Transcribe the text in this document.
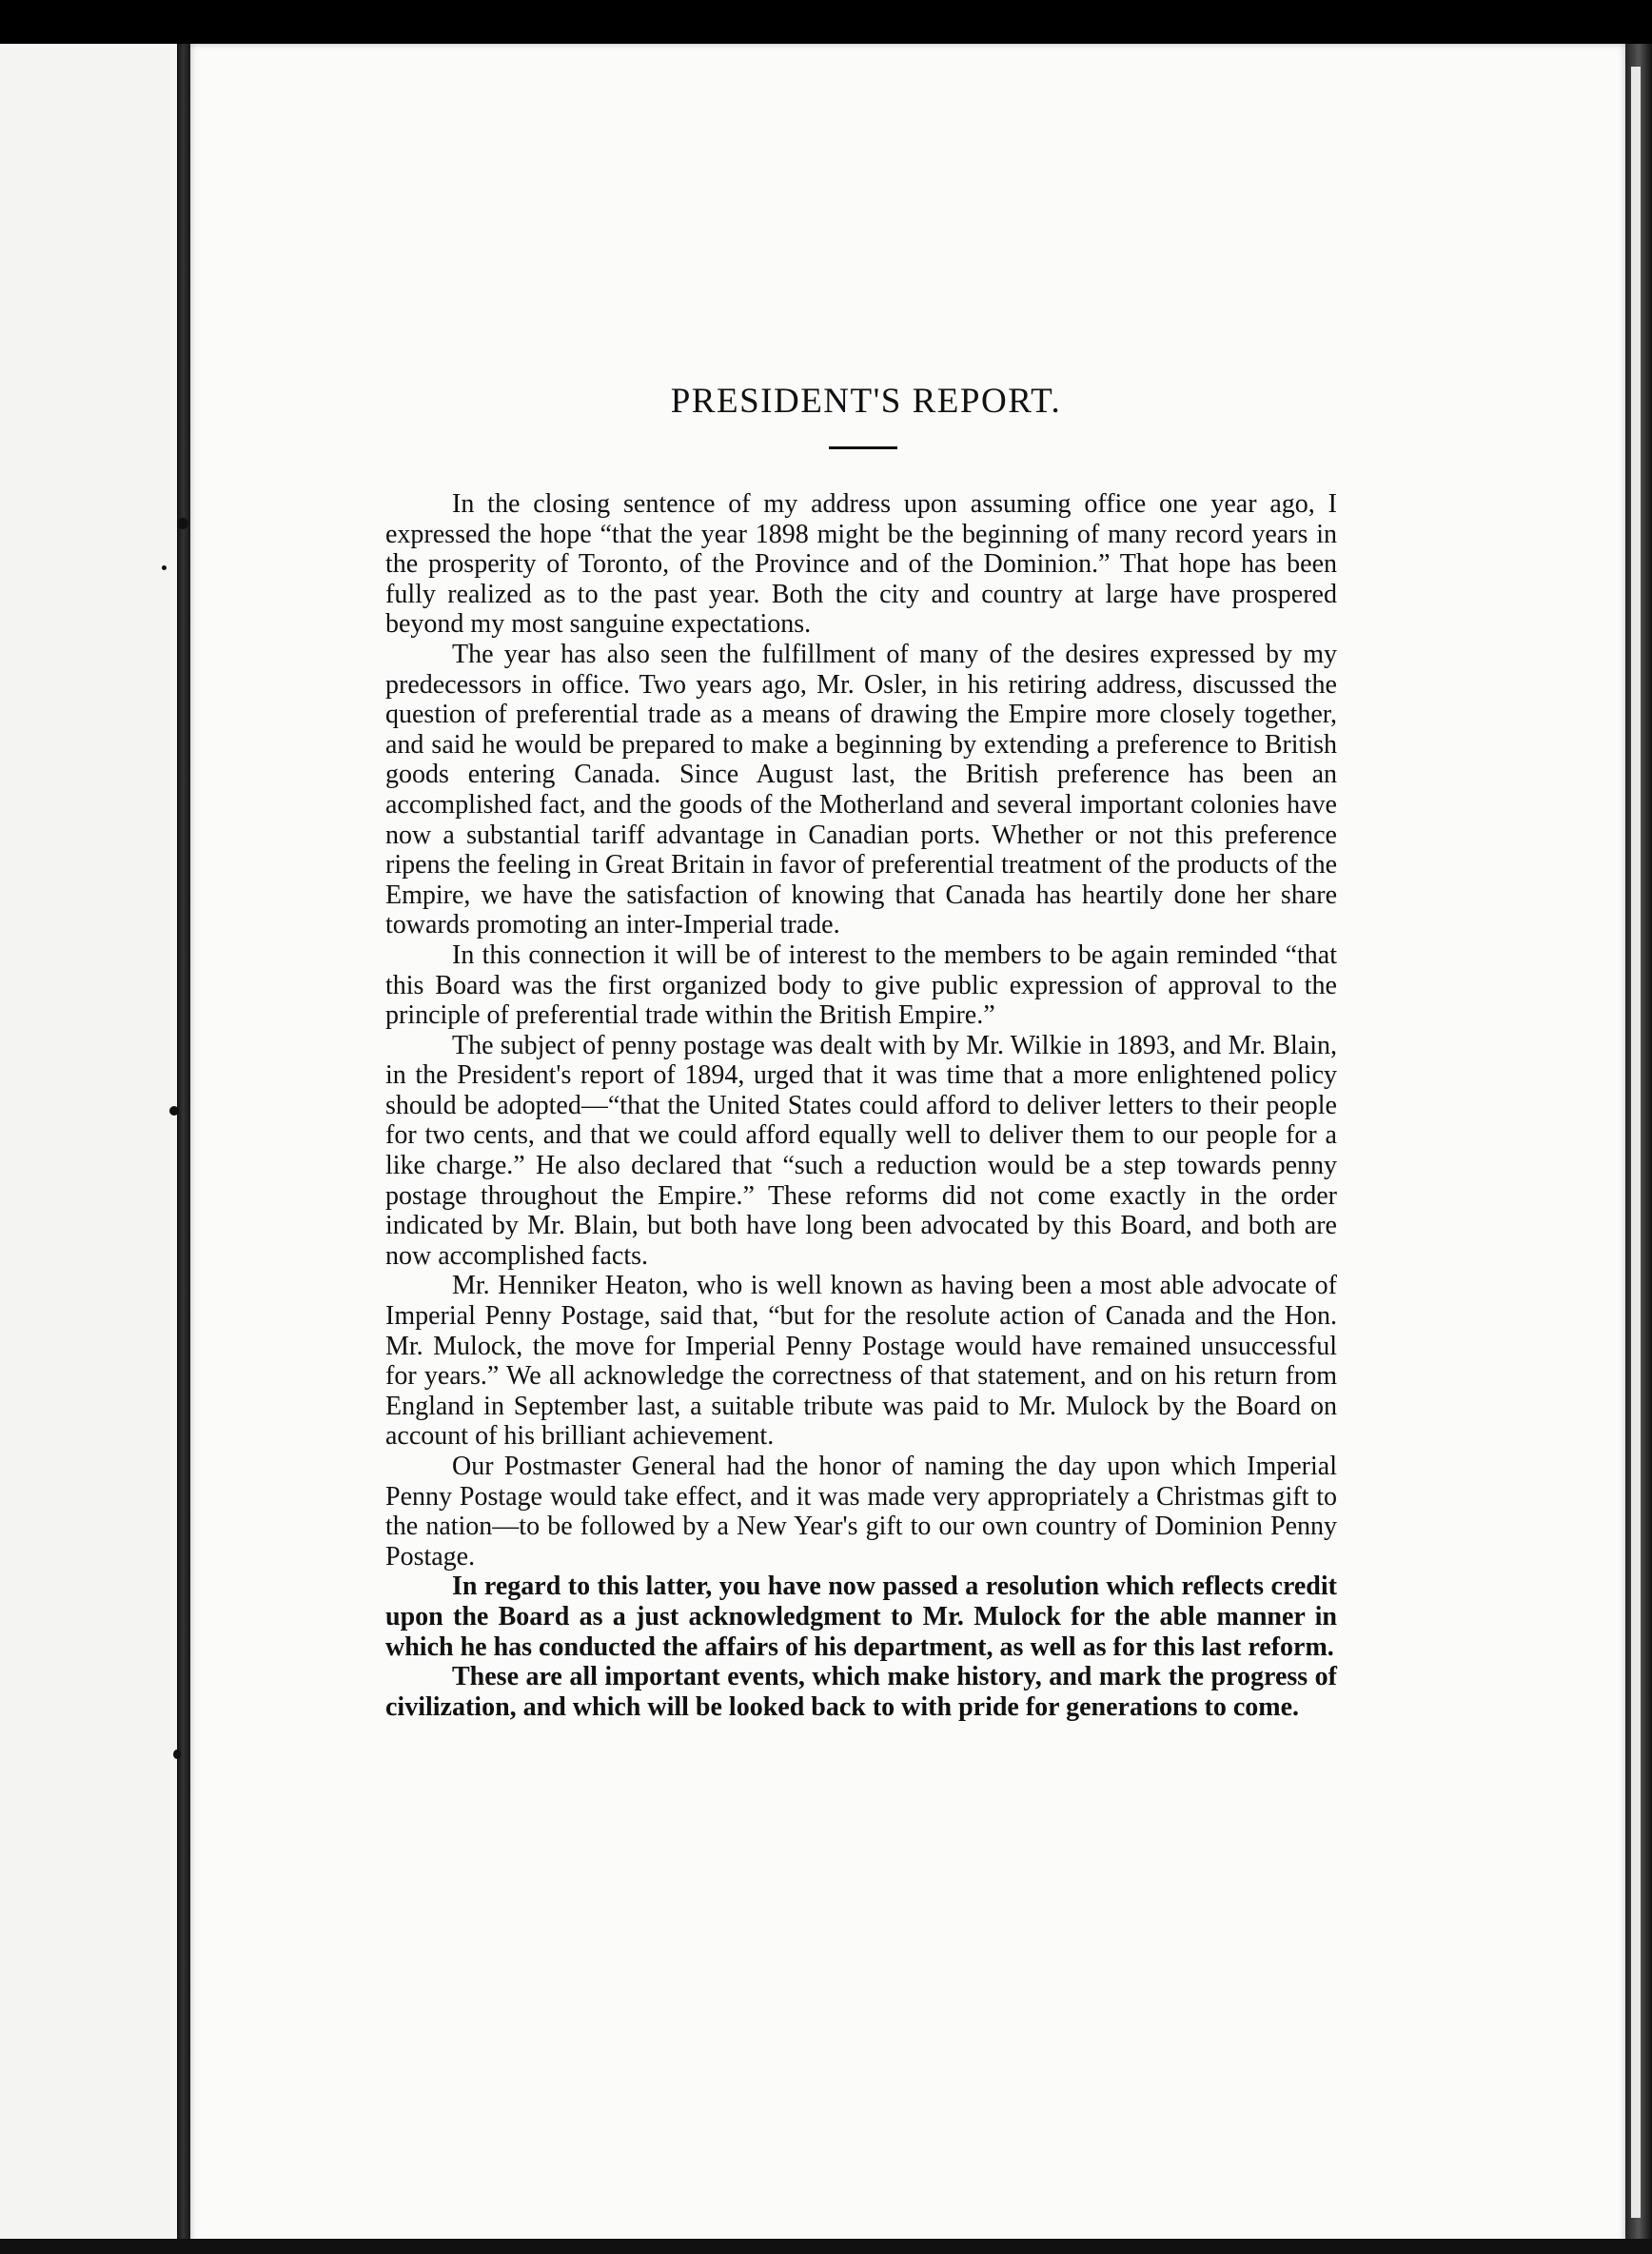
PRESIDENT'S REPORT.

In the closing sentence of my address upon assuming office one year ago, I expressed the hope “that the year 1898 might be the beginning of many record years in the prosperity of Toronto, of the Province and of the Dominion.” That hope has been fully realized as to the past year. Both the city and country at large have prospered beyond my most sanguine expectations.

The year has also seen the fulfillment of many of the desires expressed by my predecessors in office. Two years ago, Mr. Osler, in his retiring address, discussed the question of preferential trade as a means of drawing the Empire more closely together, and said he would be prepared to make a beginning by extending a preference to British goods entering Canada. Since August last, the British preference has been an accomplished fact, and the goods of the Motherland and several important colonies have now a substantial tariff advantage in Canadian ports. Whether or not this preference ripens the feeling in Great Britain in favor of preferential treatment of the products of the Empire, we have the satisfaction of knowing that Canada has heartily done her share towards promoting an inter-Imperial trade.

In this connection it will be of interest to the members to be again reminded “that this Board was the first organized body to give public expression of approval to the principle of preferential trade within the British Empire.”

The subject of penny postage was dealt with by Mr. Wilkie in 1893, and Mr. Blain, in the President's report of 1894, urged that it was time that a more enlightened policy should be adopted—“that the United States could afford to deliver letters to their people for two cents, and that we could afford equally well to deliver them to our people for a like charge.” He also declared that “such a reduction would be a step towards penny postage throughout the Empire.” These reforms did not come exactly in the order indicated by Mr. Blain, but both have long been advocated by this Board, and both are now accomplished facts.

Mr. Henniker Heaton, who is well known as having been a most able advocate of Imperial Penny Postage, said that, “but for the resolute action of Canada and the Hon. Mr. Mulock, the move for Imperial Penny Postage would have remained unsuccessful for years.” We all acknowledge the correctness of that statement, and on his return from England in September last, a suitable tribute was paid to Mr. Mulock by the Board on account of his brilliant achievement.

Our Postmaster General had the honor of naming the day upon which Imperial Penny Postage would take effect, and it was made very appropriately a Christmas gift to the nation—to be followed by a New Year's gift to our own country of Dominion Penny Postage.

In regard to this latter, you have now passed a resolution which reflects credit upon the Board as a just acknowledgment to Mr. Mulock for the able manner in which he has conducted the affairs of his department, as well as for this last reform.

These are all important events, which make history, and mark the progress of civilization, and which will be looked back to with pride for generations to come.
